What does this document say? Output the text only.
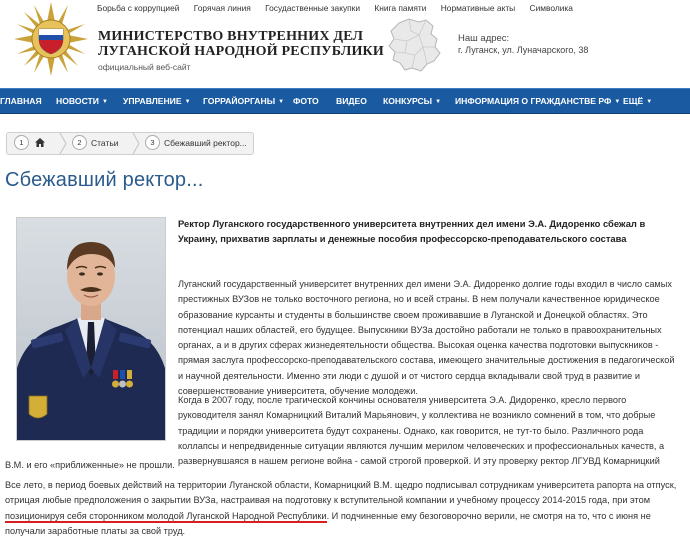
Борьба с коррупцией Горячая линия Госудаственные закупки Книга памяти Нормативные акты Символика
МИНИСТЕРСТВО ВНУТРЕННИХ ДЕЛ
ЛУГАНСКОЙ НАРОДНОЙ РЕСПУБЛИКИ
официальный веб-сайт
Наш адрес:
г. Луганск, ул. Луначарского, 38
ГЛАВНАЯ НОВОСТИ ▼ УПРАВЛЕНИЕ ▼ ГОРРАЙОРГАНЫ ▼ ФОТО ВИДЕО КОНКУРСЫ ▼ ИНФОРМАЦИЯ О ГРАЖДАНСТВЕ РФ ▼ ЕЩЁ ▼
1	2 Статьи	3 Сбежавший ректор...
Сбежавший ректор...
Ректор Луганского государственного университета внутренних дел имени Э.А. Дидоренко сбежал в Украину, прихватив зарплаты и денежные пособия профессорско-преподавательского состава
Луганский государственный университет внутренних дел имени Э.А. Дидоренко долгие годы входил в число самых престижных ВУЗов не только восточного региона, но и всей страны. В нем получали качественное юридическое образование курсанты и студенты в большинстве своем проживавшие в Луганской и Донецкой областях. Это потенциал наших областей, его будущее. Выпускники ВУЗа достойно работали не только в правоохранительных органах, а и в других сферах жизнедеятельности общества. Высокая оценка качества подготовки выпускников - прямая заслуга профессорско-преподавательского состава, имеющего значительные достижения в педагогической и научной деятельности. Именно эти люди с душой и от чистого сердца вкладывали свой труд в развитие и совершенствование университета, обучение молодежи.
Когда в 2007 году, после трагической кончины основателя университета Э.А. Дидоренко, кресло первого руководителя занял Комарницкий Виталий Марьянович, у коллектива не возникло сомнений в том, что добрые традиции и порядки университета будут сохранены. Однако, как говорится, не тут-то было. Различного рода коллапсы и непредвиденные ситуации являются лучшим мерилом человеческих и профессиональных качеств, а развернувшаяся в нашем регионе война - самой строгой проверкой. И эту проверку ректор ЛГУВД Комарницкий
В.М. и его «приближенные» не прошли.
Все лето, в период боевых действий на территории Луганской области, Комарницкий В.М. щедро подписывал сотрудникам университета рапорта на отпуск, отрицая любые предположения о закрытии ВУЗа, настраивая на подготовку к вступительной компании и учебному процессу 2014-2015 года, при этом позиционируя себя сторонником молодой Луганской Народной Республики. И подчиненные ему безоговорочно верили, не смотря на то, что с июня не получали заработные платы за свой труд.
